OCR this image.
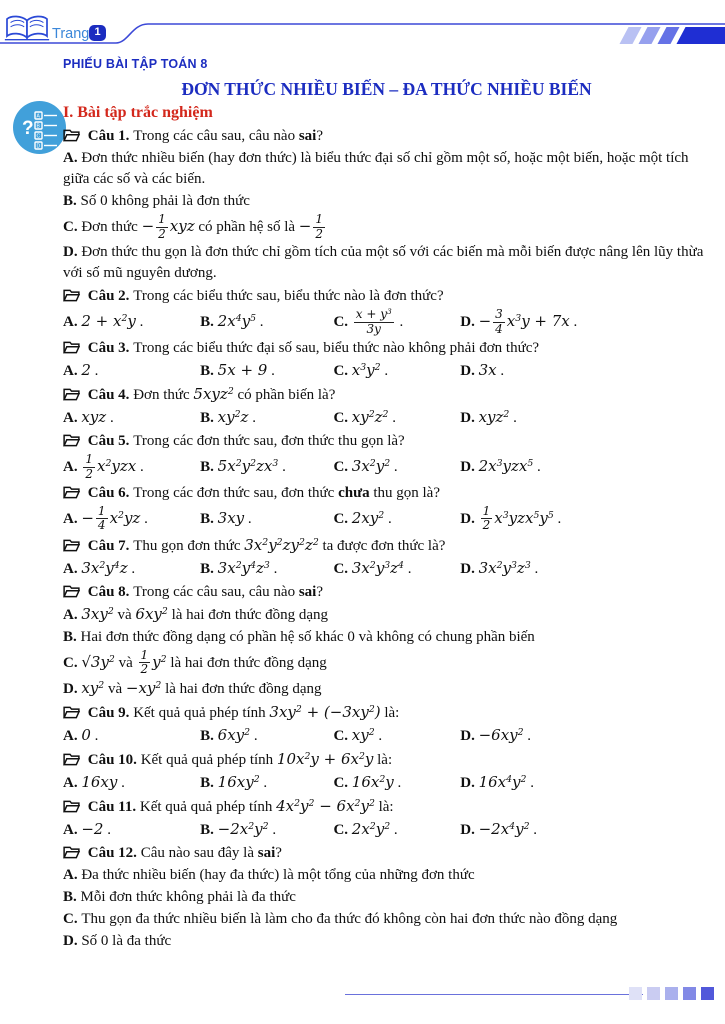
Trang 1
?
A
B
C
D
PHIẾU BÀI TẬP TOÁN 8
ĐƠN THỨC NHIỀU BIẾN – ĐA THỨC NHIỀU BIẾN
I. Bài tập trắc nghiệm
Câu 1. Trong các câu sau, câu nào sai?
A. Đơn thức nhiều biến (hay đơn thức) là biểu thức đại số chỉ gồm một số, hoặc một biến, hoặc một tích giữa các số và các biến.
B. Số 0 không phải là đơn thức
C. Đơn thức − $\frac{1}{2}$ xyz có phần hệ số là − $\frac{1}{2}$
D. Đơn thức thu gọn là đơn thức chỉ gồm tích của một số với các biến mà mỗi biến được nâng lên lũy thừa với số mũ nguyên dương.
Câu 2. Trong các biểu thức sau, biểu thức nào là đơn thức?
A. $2 + x^2y$ .	B. $2x^4y^5$ .	C. $\frac{x + y^3}{3y}$ .	D. − $\frac{3}{4} x^3y + 7x$ .
Câu 3. Trong các biểu thức đại số sau, biểu thức nào không phải đơn thức?
A. 2 .	B. 5x + 9 .	C. $x^3y^2$ .	D. 3x .
Câu 4. Đơn thức 5xyz$^2$ có phần biến là?
A. xyz .	B. $xy^2z$ .	C. $xy^2z^2$ .	D. xyz$^2$ .
Câu 5. Trong các đơn thức sau, đơn thức thu gọn là?
A. $\frac{1}{2} x^2yzx$ .	B. $5x^2y^2zx^3$ .	C. $3x^2y^2$ .	D. $2x^3yzx^5$ .
Câu 6. Trong các đơn thức sau, đơn thức chưa thu gọn là?
A. − $\frac{1}{4} x^2yz$ .	B. 3xy .	C. $2xy^2$ .	D. $\frac{1}{2} x^3yzx^5y^5$ .
Câu 7. Thu gọn đơn thức $3x^2y^2zy^2z^2$ ta được đơn thức là?
A. $3x^2y^4z$ .	B. $3x^2y^4z^3$ .	C. $3x^2y^3z^4$ .	D. $3x^2y^3z^3$ .
Câu 8. Trong các câu sau, câu nào sai?
A. $3xy^2$ và $6xy^2$ là hai đơn thức đồng dạng
B. Hai đơn thức đồng dạng có phần hệ số khác 0 và không có chung phần biến
C. $√3y^2$ và $\frac{1}{2} y^2$ là hai đơn thức đồng dạng
D. $xy^2$ và $-xy^2$ là hai đơn thức đồng dạng
Câu 9. Kết quả quả phép tính $3xy^2 + (-3xy^2)$ là:
A. 0 .	B. $6xy^2$ .	C. $xy^2$ .	D. $-6xy^2$ .
Câu 10. Kết quả quả phép tính $10x^2y + 6x^2y$ là:
A. 16xy .	B. $16xy^2$ .	C. $16x^2y$ .	D. $16x^4y^2$ .
Câu 11. Kết quả quả phép tính $4x^2y^2 - 6x^2y^2$ là:
A. −2 .	B. $-2x^2y^2$ .	C. $2x^2y^2$ .	D. $-2x^4y^2$ .
Câu 12. Câu nào sau đây là sai?
A. Đa thức nhiều biến (hay đa thức) là một tổng của những đơn thức
B. Mỗi đơn thức không phải là đa thức
C. Thu gọn đa thức nhiều biến là làm cho đa thức đó không còn hai đơn thức nào đồng dạng
D. Số 0 là đa thức
